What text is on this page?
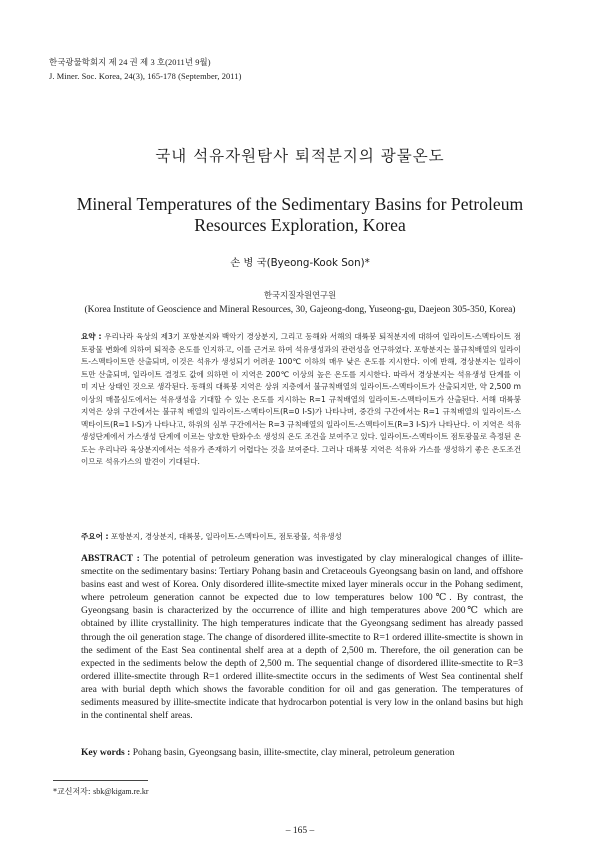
한국광물학회지 제 24 권 제 3 호(2011년 9월)
J. Miner. Soc. Korea, 24(3), 165-178 (September, 2011)
국내 석유자원탐사 퇴적분지의 광물온도
Mineral Temperatures of the Sedimentary Basins for Petroleum Resources Exploration, Korea
손 병 국(Byeong-Kook Son)*
한국지질자원연구원
(Korea Institute of Geoscience and Mineral Resources, 30, Gajeong-dong, Yuseong-gu, Daejeon 305-350, Korea)

요약 : 우리나라 육상의 제3기 포항분지와 백악기 경상분지, 그리고 동해와 서해의 대륙붕 퇴적분지에 대하여 일라이트-스멕타이트 점토광물 변화에 의하여 퇴적층 온도를 인지하고, 이를 근거로 하여 석유생성과의 관련성을 연구하였다. 포항분지는 불규칙배열의 일라이트-스멕타이트만 산출되며, 이것은 석유가 생성되기 어려운 100℃ 이하의 매우 낮은 온도를 지시한다. 이에 반해, 경상분지는 일라이트만 산출되며, 일라이트 결정도 값에 의하면 이 지역은 200℃ 이상의 높은 온도를 지시한다. 따라서 경상분지는 석유생성 단계를 이미 지난 상태인 것으로 생각된다. 동해의 대륙붕 지역은 상위 지층에서 불규칙배열의 일라이트-스멕타이트가 산출되지만, 약 2,500 m 이상의 매몰심도에서는 석유생성을 기대할 수 있는 온도를 지시하는 R=1 규칙배열의 일라이트-스멕타이트가 산출된다. 서해 대륙붕 지역은 상위 구간에서는 불규칙 배열의 일라이트-스멕타이트(R=0 I-S)가 나타나며, 중간의 구간에서는 R=1 규칙배열의 일라이트-스멕타이트(R=1 I-S)가 나타나고, 하위의 심부 구간에서는 R=3 규칙배열의 일라이트-스멕타이트(R=3 I-S)가 나타난다. 이 지역은 석유생성단계에서 가스생성 단계에 이르는 양호한 탄화수소 생성의 온도 조건을 보여주고 있다. 일라이트-스멕타이트 점토광물로 측정된 온도는 우리나라 육상분지에서는 석유가 존재하기 어렵다는 것을 보여준다. 그러나 대륙붕 지역은 석유와 가스를 생성하기 좋은 온도조건이므로 석유가스의 발견이 기대된다.

주요어 : 포항분지, 경상분지, 대륙붕, 일라이트-스멕타이트, 점토광물, 석유생성

ABSTRACT : The potential of petroleum generation was investigated by clay mineralogical changes of illite-smectite on the sedimentary basins: Tertiary Pohang basin and Cretaceouls Gyeongsang basin on land, and offshore basins east and west of Korea. Only disordered illite-smectite mixed layer minerals occur in the Pohang sediment, where petroleum generation cannot be expected due to low temperatures below 100℃. By contrast, the Gyeongsang basin is characterized by the occurrence of illite and high temperatures above 200℃ which are obtained by illite crystallinity. The high temperatures indicate that the Gyeongsang sediment has already passed through the oil generation stage. The change of disordered illite-smectite to R=1 ordered illite-smectite is shown in the sediment of the East Sea continental shelf area at a depth of 2,500 m. Therefore, the oil generation can be expected in the sediments below the depth of 2,500 m. The sequential change of disordered illite-smectite to R=3 ordered illite-smectite through R=1 ordered illite-smectite occurs in the sediments of West Sea continental shelf area with burial depth which shows the favorable condition for oil and gas generation. The temperatures of sediments measured by illite-smectite indicate that hydrocarbon potential is very low in the onland basins but high in the continental shelf areas.

Key words : Pohang basin, Gyeongsang basin, illite-smectite, clay mineral, petroleum generation
*교신저자: sbk@kigam.re.kr
– 165 –
